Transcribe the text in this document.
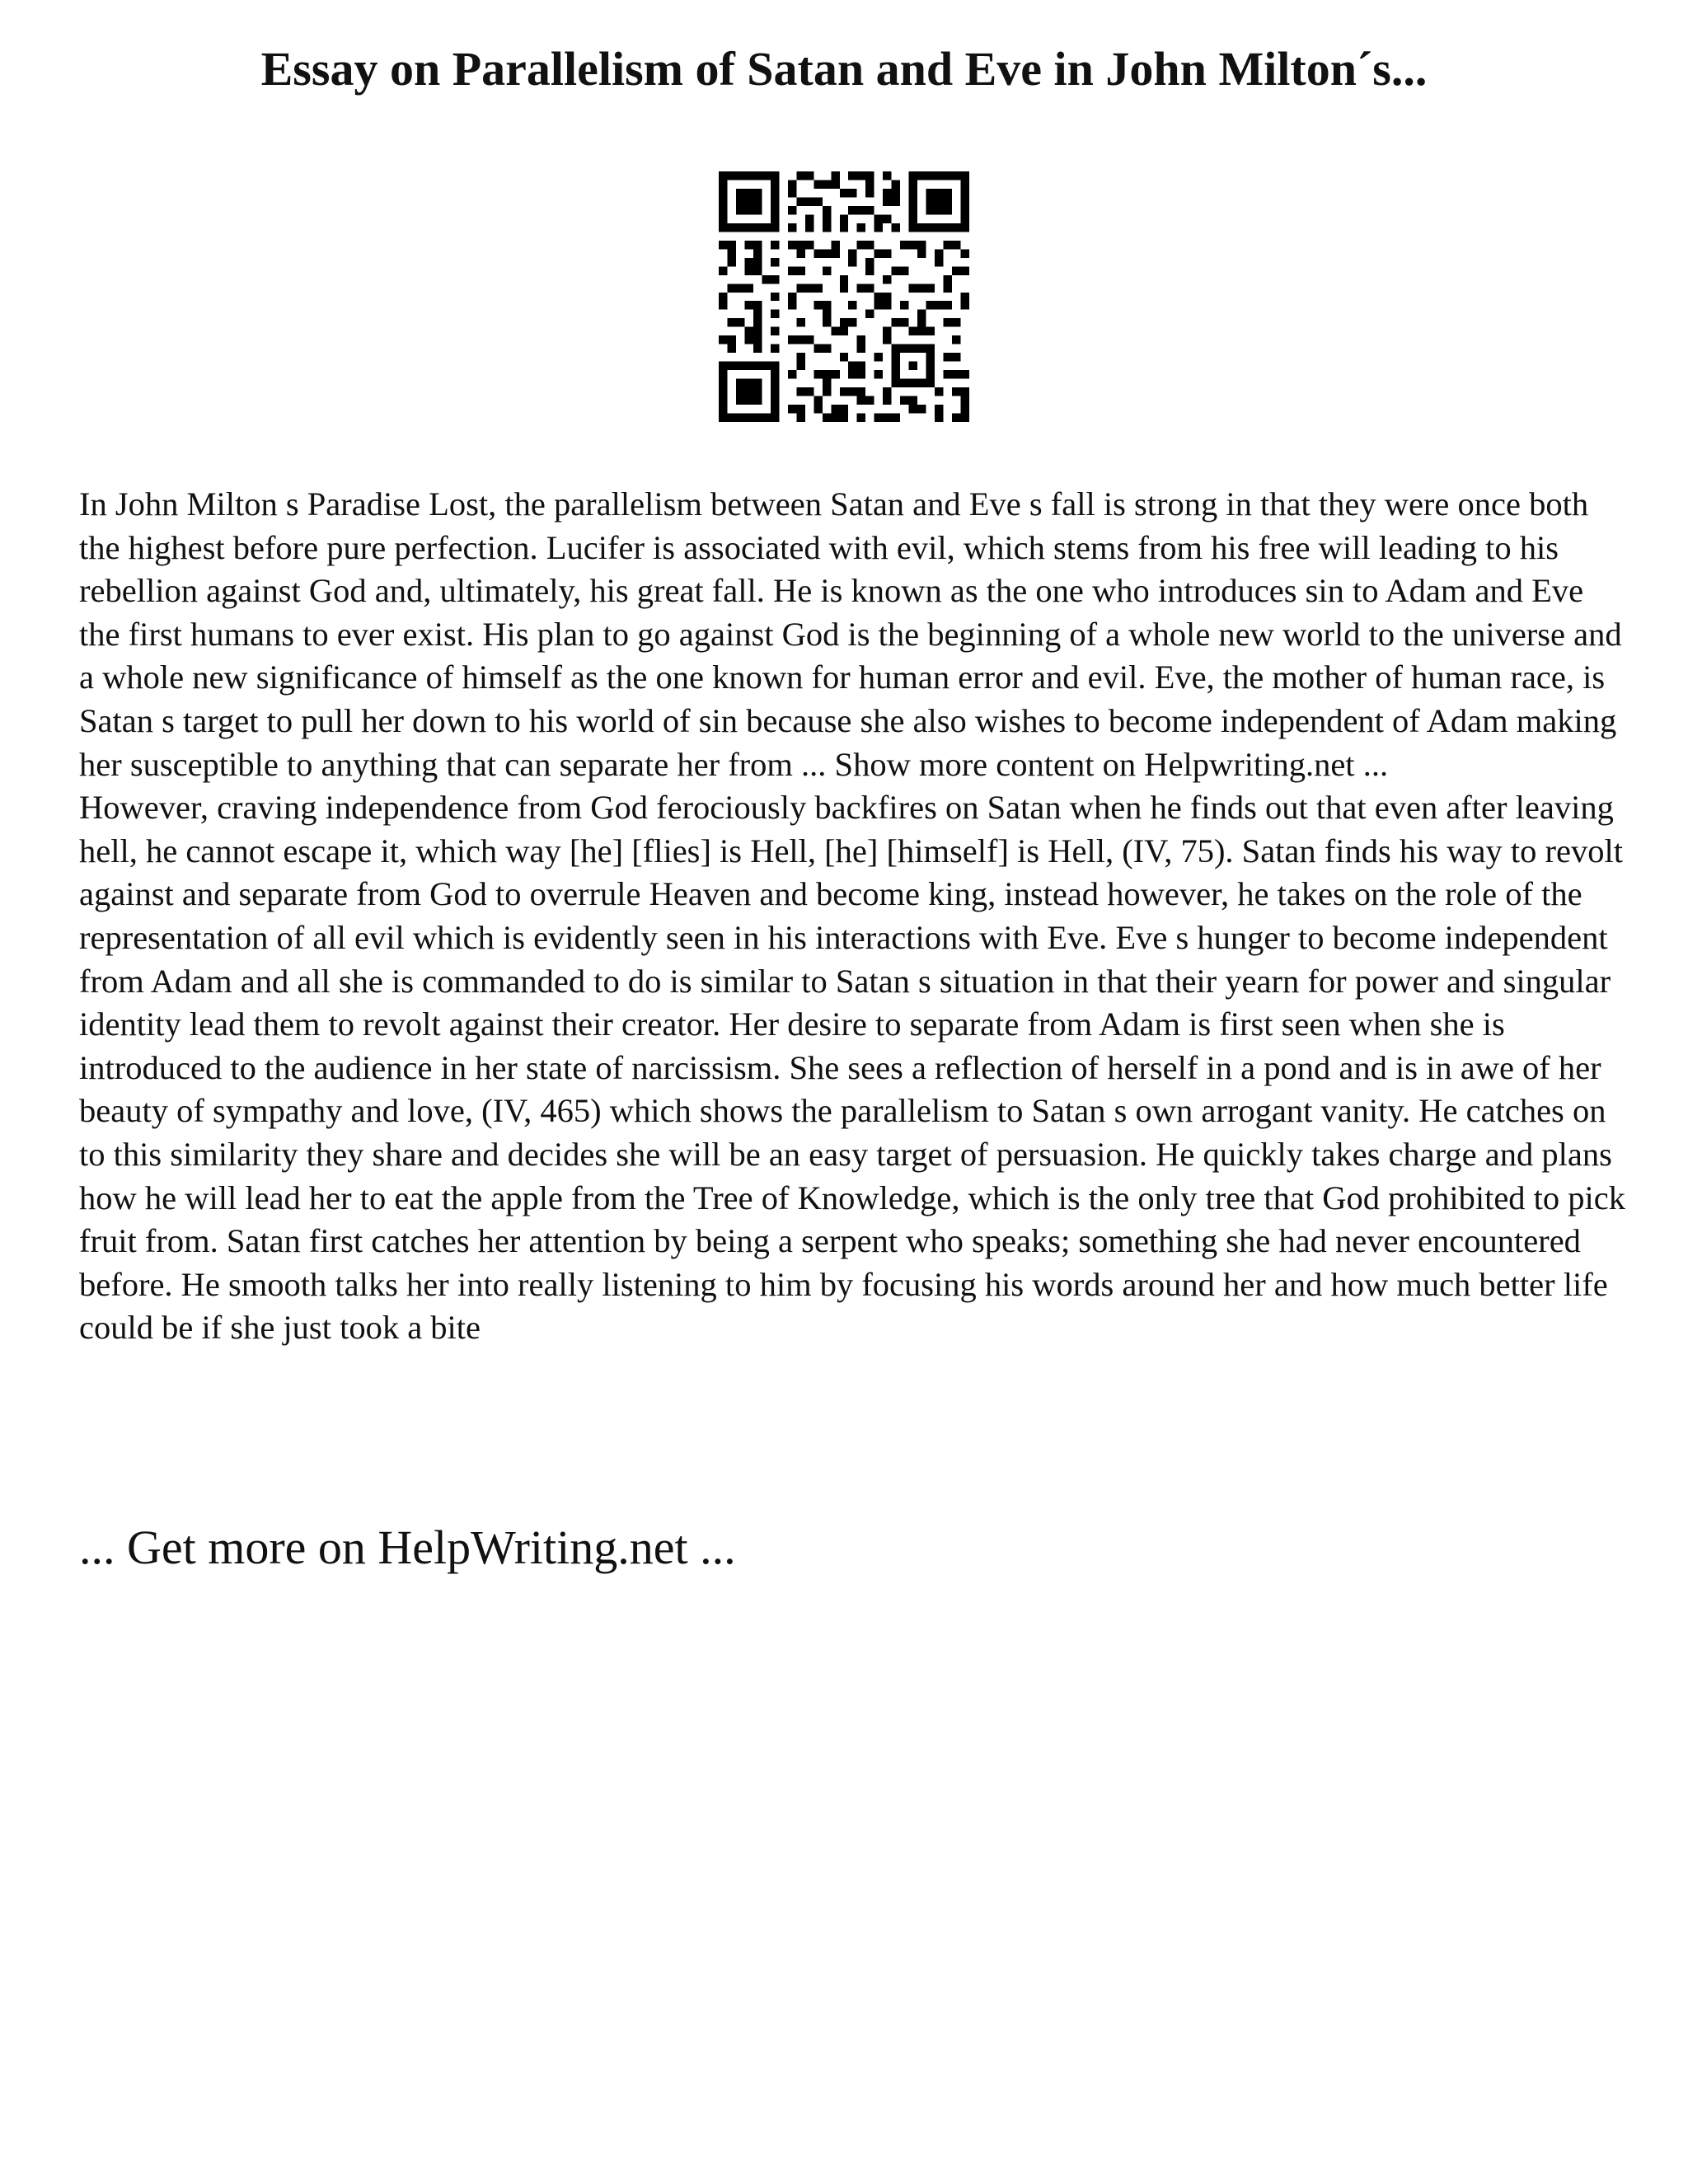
Essay on Parallelism of Satan and Eve in John Milton´s...

In John Milton s Paradise Lost, the parallelism between Satan and Eve s fall is strong in that they were once both the highest before pure perfection. Lucifer is associated with evil, which stems from his free will leading to his rebellion against God and, ultimately, his great fall. He is known as the one who introduces sin to Adam and Eve the first humans to ever exist. His plan to go against God is the beginning of a whole new world to the universe and a whole new significance of himself as the one known for human error and evil. Eve, the mother of human race, is Satan s target to pull her down to his world of sin because she also wishes to become independent of Adam making her susceptible to anything that can separate her from ... Show more content on Helpwriting.net ...

However, craving independence from God ferociously backfires on Satan when he finds out that even after leaving hell, he cannot escape it, which way [he] [flies] is Hell, [he] [himself] is Hell, (IV, 75). Satan finds his way to revolt against and separate from God to overrule Heaven and become king, instead however, he takes on the role of the representation of all evil which is evidently seen in his interactions with Eve. Eve s hunger to become independent from Adam and all she is commanded to do is similar to Satan s situation in that their yearn for power and singular identity lead them to revolt against their creator. Her desire to separate from Adam is first seen when she is introduced to the audience in her state of narcissism. She sees a reflection of herself in a pond and is in awe of her beauty of sympathy and love, (IV, 465) which shows the parallelism to Satan s own arrogant vanity. He catches on to this similarity they share and decides she will be an easy target of persuasion. He quickly takes charge and plans how he will lead her to eat the apple from the Tree of Knowledge, which is the only tree that God prohibited to pick fruit from. Satan first catches her attention by being a serpent who speaks; something she had never encountered before. He smooth talks her into really listening to him by focusing his words around her and how much better life could be if she just took a bite

... Get more on HelpWriting.net ...
